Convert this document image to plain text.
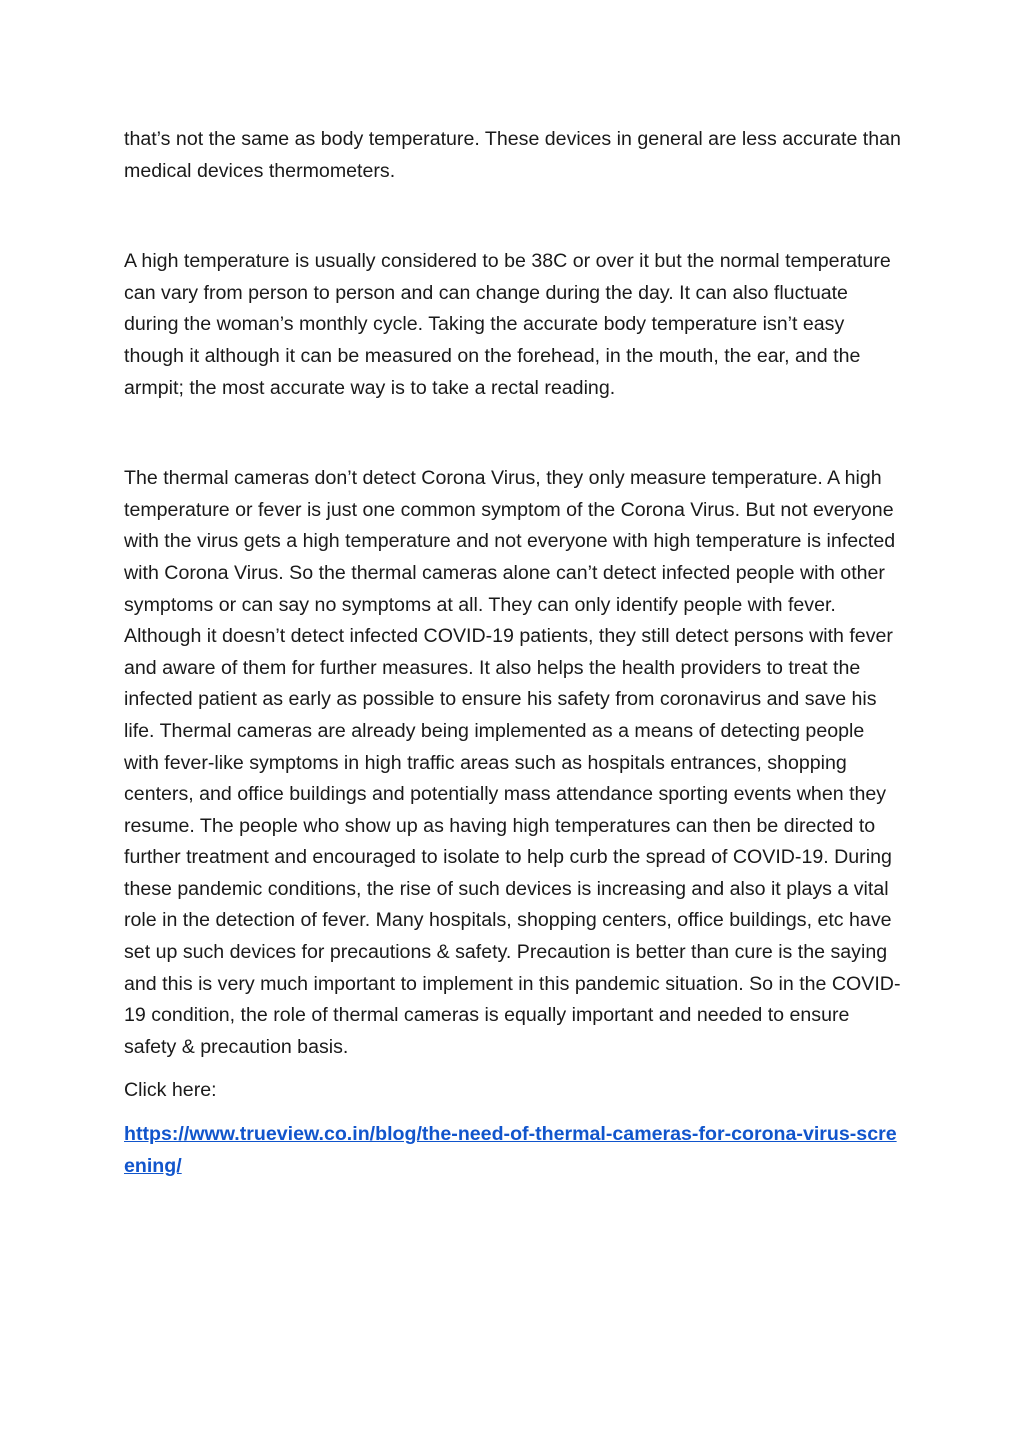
that’s not the same as body temperature. These devices in general are less accurate than medical devices thermometers.

A high temperature is usually considered to be 38C or over it but the normal temperature can vary from person to person and can change during the day. It can also fluctuate during the woman’s monthly cycle. Taking the accurate body temperature isn’t easy though it although it can be measured on the forehead, in the mouth, the ear, and the armpit; the most accurate way is to take a rectal reading.

The thermal cameras don’t detect Corona Virus, they only measure temperature. A high temperature or fever is just one common symptom of the Corona Virus. But not everyone with the virus gets a high temperature and not everyone with high temperature is infected with Corona Virus. So the thermal cameras alone can’t detect infected people with other symptoms or can say no symptoms at all. They can only identify people with fever. Although it doesn’t detect infected COVID-19 patients, they still detect persons with fever and aware of them for further measures. It also helps the health providers to treat the infected patient as early as possible to ensure his safety from coronavirus and save his life. Thermal cameras are already being implemented as a means of detecting people with fever-like symptoms in high traffic areas such as hospitals entrances, shopping centers, and office buildings and potentially mass attendance sporting events when they resume. The people who show up as having high temperatures can then be directed to further treatment and encouraged to isolate to help curb the spread of COVID-19. During these pandemic conditions, the rise of such devices is increasing and also it plays a vital role in the detection of fever. Many hospitals, shopping centers, office buildings, etc have set up such devices for precautions & safety. Precaution is better than cure is the saying and this is very much important to implement in this pandemic situation. So in the COVID-19 condition, the role of thermal cameras is equally important and needed to ensure safety & precaution basis.

Click here:

https://www.trueview.co.in/blog/the-need-of-thermal-cameras-for-corona-virus-screening/
